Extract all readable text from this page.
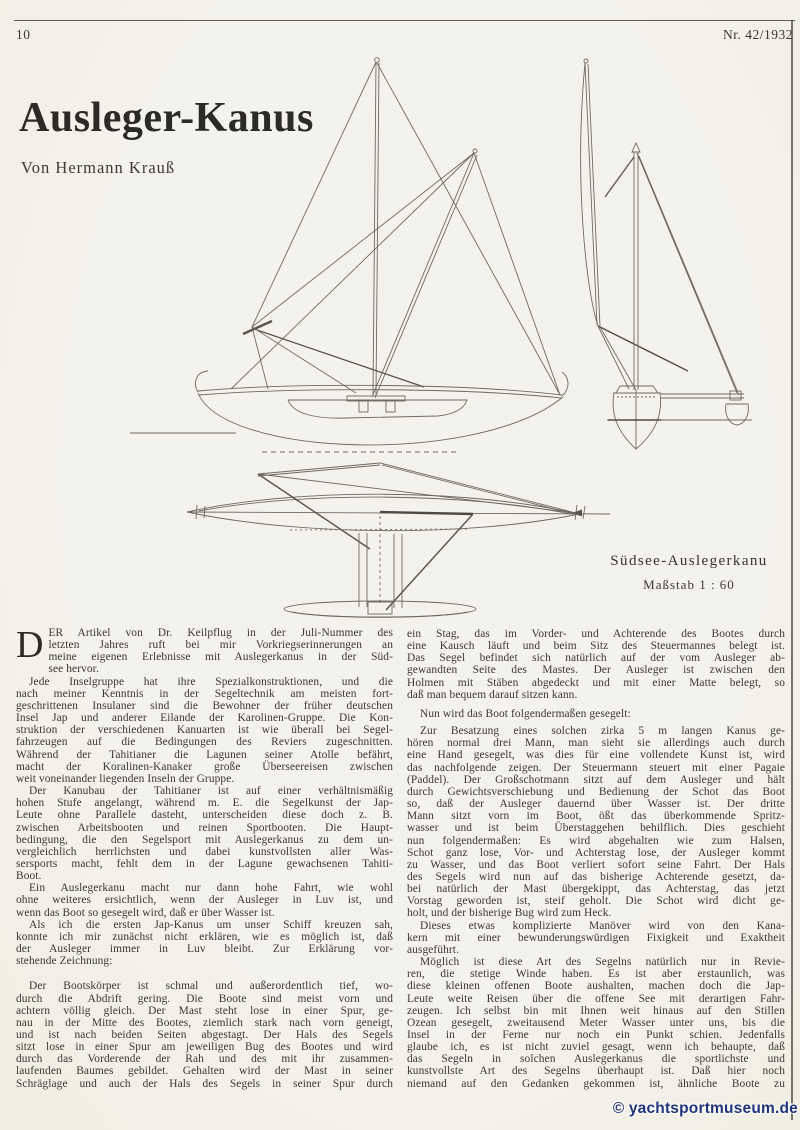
10	Nr. 42/1932
Ausleger-Kanus
Von Hermann Krauß
Südsee-Auslegerkanu
Maßstab 1 : 60
D ER Artikel von Dr. Keilpflug in der Juli-Nummer des
letzten Jahres ruft bei mir Vorkriegserinnerungen an
meine eigenen Erlebnisse mit Auslegerkanus in der Süd-
see hervor.
Jede Inselgruppe hat ihre Spezialkonstruktionen, und die
nach meiner Kenntnis in der Segeltechnik am meisten fort-
geschrittenen Insulaner sind die Bewohner der früher deutschen
Insel Jap und anderer Eilande der Karolinen-Gruppe. Die Kon-
struktion der verschiedenen Kanuarten ist wie überall bei Segel-
fahrzeugen auf die Bedingungen des Reviers zugeschnitten.
Während der Tahitianer die Lagunen seiner Atolle befährt,
macht der Koralinen-Kanaker große Überseereisen zwischen
weit voneinander liegenden Inseln der Gruppe.
Der Kanubau der Tahitianer ist auf einer verhältnismäßig
hohen Stufe angelangt, während m. E. die Segelkunst der Jap-
Leute ohne Parallele dasteht, unterscheiden diese doch z. B.
zwischen Arbeitsbooten und reinen Sportbooten. Die Haupt-
bedingung, die den Segelsport mit Auslegerkanus zu dem un-
vergleichlich herrlichsten und dabei kunstvollsten aller Was-
sersports macht, fehlt dem in der Lagune gewachsenen Tahiti-
Boot.
Ein Auslegerkanu macht nur dann hohe Fahrt, wie wohl
ohne weiteres ersichtlich, wenn der Ausleger in Luv ist, und
wenn das Boot so gesegelt wird, daß er über Wasser ist.
Als ich die ersten Jap-Kanus um unser Schiff kreuzen sah,
konnte ich mir zunächst nicht erklären, wie es möglich ist, daß
der Ausleger immer in Luv bleibt. Zur Erklärung vor-
stehende Zeichnung:
Der Bootskörper ist schmal und außerordentlich tief, wo-
durch die Abdrift gering. Die Boote sind meist vorn und
achtern völlig gleich. Der Mast steht lose in einer Spur, ge-
nau in der Mitte des Bootes, ziemlich stark nach vorn geneigt,
und ist nach beiden Seiten abgestagt. Der Hals des Segels
sitzt lose in einer Spur am jeweiligen Bug des Bootes und wird
durch das Vorderende der Rah und des mit ihr zusammen-
laufenden Baumes gebildet. Gehalten wird der Mast in seiner
Schräglage und auch der Hals des Segels in seiner Spur durch
ein Stag, das im Vorder- und Achterende des Bootes durch
eine Kausch läuft und beim Sitz des Steuermannes belegt ist.
Das Segel befindet sich natürlich auf der vom Ausleger ab-
gewandten Seite des Mastes. Der Ausleger ist zwischen den
Holmen mit Stäben abgedeckt und mit einer Matte belegt, so
daß man bequem darauf sitzen kann.
Nun wird das Boot folgendermaßen gesegelt:
Zur Besatzung eines solchen zirka 5 m langen Kanus ge-
hören normal drei Mann, man sieht sie allerdings auch durch
eine Hand gesegelt, was dies für eine vollendete Kunst ist, wird
das nachfolgende zeigen. Der Steuermann steuert mit einer Pagaie
(Paddel). Der Großschotmann sitzt auf dem Ausleger und hält
durch Gewichtsverschiebung und Bedienung der Schot das Boot
so, daß der Ausleger dauernd über Wasser ist. Der dritte
Mann sitzt vorn im Boot, ößt das überkommende Spritz-
wasser und ist beim Überstaggehen behilflich. Dies geschieht
nun folgendermaßen: Es wird abgehalten wie zum Halsen,
Schot ganz lose, Vor- und Achterstag lose, der Ausleger kommt
zu Wasser, und das Boot verliert sofort seine Fahrt. Der Hals
des Segels wird nun auf das bisherige Achterende gesetzt, da-
bei natürlich der Mast übergekippt, das Achterstag, das jetzt
Vorstag geworden ist, steif geholt. Die Schot wird dicht ge-
holt, und der bisherige Bug wird zum Heck.
Dieses etwas komplizierte Manöver wird von den Kana-
kern mit einer bewunderungswürdigen Fixigkeit und Exaktheit
ausgeführt.
Möglich ist diese Art des Segelns natürlich nur in Revie-
ren, die stetige Winde haben. Es ist aber erstaunlich, was
diese kleinen offenen Boote aushalten, machen doch die Jap-
Leute weite Reisen über die offene See mit derartigen Fahr-
zeugen. Ich selbst bin mit Ihnen weit hinaus auf den Stillen
Ozean gesegelt, zweitausend Meter Wasser unter uns, bis die
Insel in der Ferne nur noch ein Punkt schien. Jedenfalls
glaube ich, es ist nicht zuviel gesagt, wenn ich behaupte, daß
das Segeln in solchen Auslegerkanus die sportlichste und
kunstvollste Art des Segelns überhaupt ist. Daß hier noch
niemand auf den Gedanken gekommen ist, ähnliche Boote zu
© yachtsportmuseum.de
